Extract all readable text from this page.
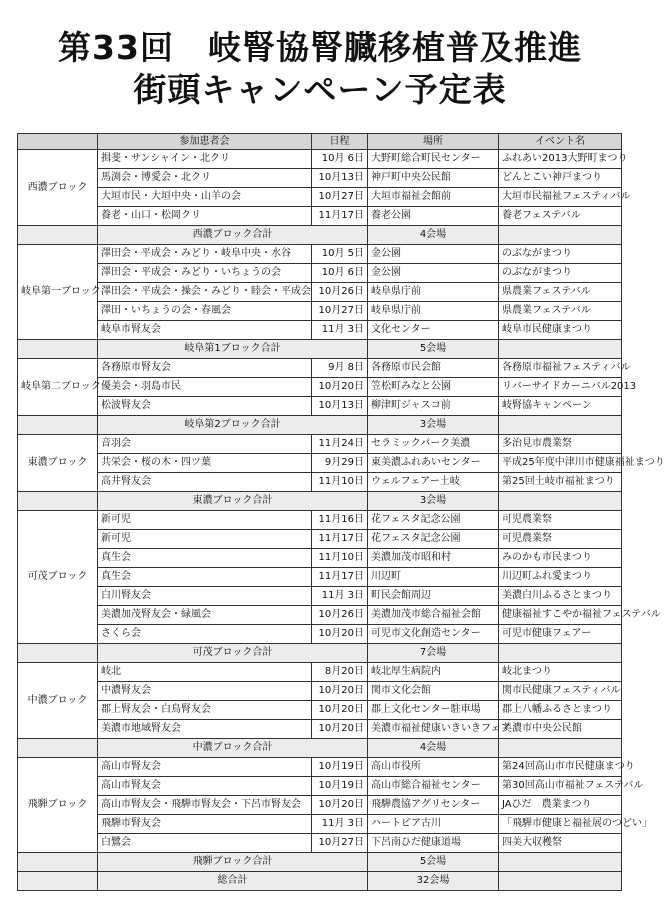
第33回　岐腎協腎臓移植普及推進
街頭キャンペーン予定表
	参加患者会	日程	場所	イベント名
西濃ブロック	揖斐・サンシャイン・北クリ	10月 6日	大野町総合町民センター	ふれあい2013大野町まつり
	馬渕会・博愛会・北クリ	10月13日	神戸町中央公民館	どんとこい神戸まつり
	大垣市民・大垣中央・山羊の会	10月27日	大垣市福祉会館前	大垣市民福祉フェスティバル
	養老・山口・松岡クリ	11月17日	養老公園	養老フェステバル
	西濃ブロック合計		4会場	
岐阜第一ブロック	澤田会・平成会・みどり・岐阜中央・水谷	10月 5日	金公園	のぶながまつり
	澤田会・平成会・みどり・いちょうの会	10月 6日	金公園	のぶながまつり
	澤田会・平成会・操会・みどり・睦会・平成会	10月26日	岐阜県庁前	県農業フェステバル
	澤田・いちょうの会・春風会	10月27日	岐阜県庁前	県農業フェステバル
	岐阜市腎友会	11月 3日	文化センター	岐阜市民健康まつり
	岐阜第1ブロック合計		5会場	
岐阜第二ブロック	各務原市腎友会	9月 8日	各務原市民会館	各務原市福祉フェスティバル
	優美会・羽島市民	10月20日	笠松町みなと公園	リバーサイドカーニバル2013
	松波腎友会	10月13日	柳津町ジャスコ前	岐腎協キャンペーン
	岐阜第2ブロック合計		3会場	
東濃ブロック	音羽会	11月24日	セラミックパーク美濃	多治見市農業祭
	共栄会・桜の木・四ツ葉	9月29日	東美濃ふれあいセンター	平成25年度中津川市健康福祉まつり
	高井腎友会	11月10日	ウェルフェアー土岐	第25回土岐市福祉まつり
	東濃ブロック合計		3会場	
可茂ブロック	新可児	11月16日	花フェスタ記念公園	可児農業祭
	新可児	11月17日	花フェスタ記念公園	可児農業祭
	真生会	11月10日	美濃加茂市昭和村	みのかも市民まつり
	真生会	11月17日	川辺町	川辺町ふれ愛まつり
	白川腎友会	11月 3日	町民会館周辺	美濃白川ふるさとまつり
	美濃加茂腎友会・緑風会	10月26日	美濃加茂市総合福祉会館	健康福祉すこやか福祉フェステバル
	さくら会	10月20日	可児市文化創造センター	可児市健康フェアー
	可茂ブロック合計		7会場	
中濃ブロック	岐北	8月20日	岐北厚生病院内	岐北まつり
	中濃腎友会	10月20日	関市文化会館	関市民健康フェスティバル
	郡上腎友会・白鳥腎友会	10月20日	郡上文化センター駐車場	郡上八幡ふるさとまつり
	美濃市地域腎友会	10月20日	美濃市福祉健康いきいきフェア	美濃市中央公民館
	中濃ブロック合計		4会場	
飛騨ブロック	高山市腎友会	10月19日	高山市役所	第24回高山市市民健康まつり
	高山市腎友会	10月19日	高山市総合福祉センター	第30回高山市福祉フェステバル
	高山市腎友会・飛騨市腎友会・下呂市腎友会	10月20日	飛騨農協アグリセンター	JAひだ　農業まつり
	飛騨市腎友会	11月 3日	ハートピア古川	「飛騨市健康と福祉展のつどい」
	白鷺会	10月27日	下呂南ひだ健康道場	四美大収穫祭
	飛騨ブロック合計		5会場	
	総合計		32会場	
